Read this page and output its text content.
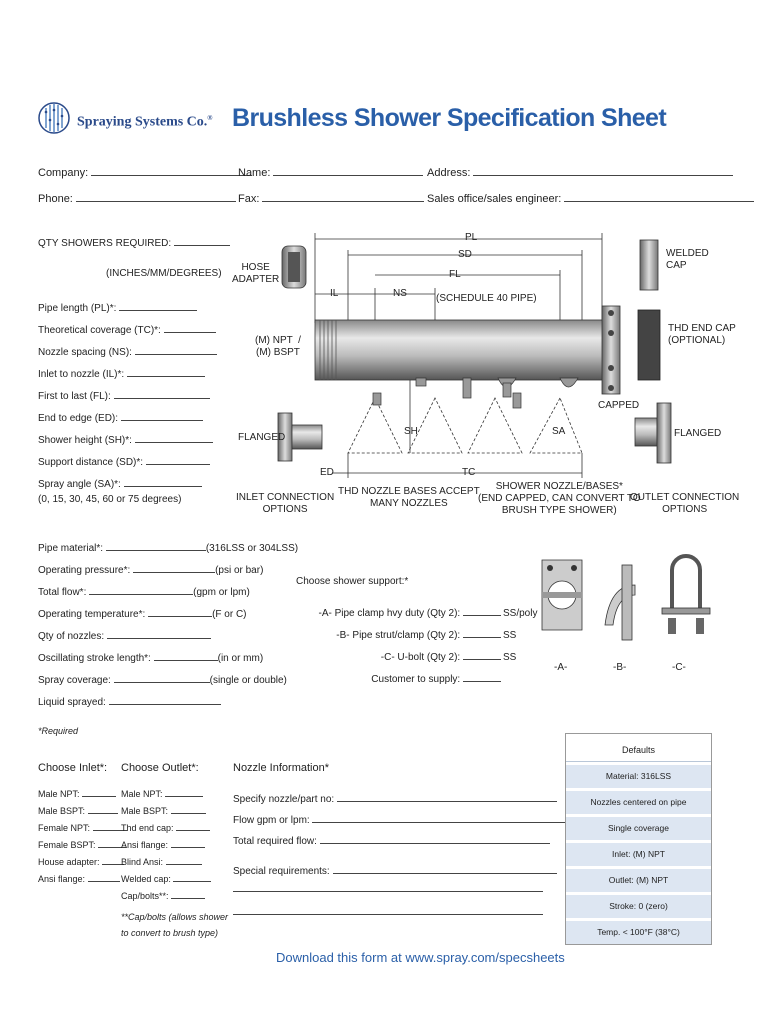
Spraying Systems Co.® Brushless Shower Specification Sheet
Company:	Name:	Address:
Phone:	Fax:	Sales office/sales engineer:
QTY SHOWERS REQUIRED:
(INCHES/MM/DEGREES)
Pipe length (PL)*:
Theoretical coverage (TC)*:
Nozzle spacing (NS):
Inlet to nozzle (IL)*:
First to last (FL):
End to edge (ED):
Shower height (SH)*:
Support distance (SD)*:
Spray angle (SA)*:
(0, 15, 30, 45, 60 or 75 degrees)
PL
SD
FL
IL	NS	(SCHEDULE 40 PIPE)
HOSE
ADAPTER
(M) NPT  /
(M) BSPT
FLANGED
INLET CONNECTION
OPTIONS
SH	SA
ED	TC
THD NOZZLE BASES ACCEPT
MANY NOZZLES
SHOWER NOZZLE/BASES*
(END CAPPED, CAN CONVERT TO
BRUSH TYPE SHOWER)
WELDED
CAP
THD END CAP
(OPTIONAL)
CAPPED
FLANGED
OUTLET CONNECTION
OPTIONS
Pipe material*:	(316LSS or 304LSS)
Operating pressure*:	(psi or bar)
Total flow*:	(gpm or lpm)
Operating temperature*:	(F or C)
Qty of nozzles:
Oscillating stroke length*:	(in or mm)
Spray coverage:	(single or double)
Liquid sprayed:
Choose shower support:*
-A- Pipe clamp hvy duty (Qty 2):	SS/poly
-B- Pipe strut/clamp (Qty 2):	SS
-C- U-bolt (Qty 2):	SS
Customer to supply:
-A-	-B-	-C-
*Required
Choose Inlet*:
Male NPT:
Male BSPT:
Female NPT:
Female BSPT:
House adapter:
Ansi flange:
Choose Outlet*:
Male NPT:
Male BSPT:
Thd end cap:
Ansi flange:
Blind Ansi:
Welded cap:
Cap/bolts**:
**Cap/bolts (allows shower
to convert to brush type)
Nozzle Information*
Specify nozzle/part no:
Flow gpm or lpm:
Total required flow:
Special requirements:
Defaults
Material: 316LSS
Nozzles centered on pipe
Single coverage
Inlet: (M) NPT
Outlet: (M) NPT
Stroke: 0 (zero)
Temp. < 100°F (38°C)
Download this form at www.spray.com/specsheets
